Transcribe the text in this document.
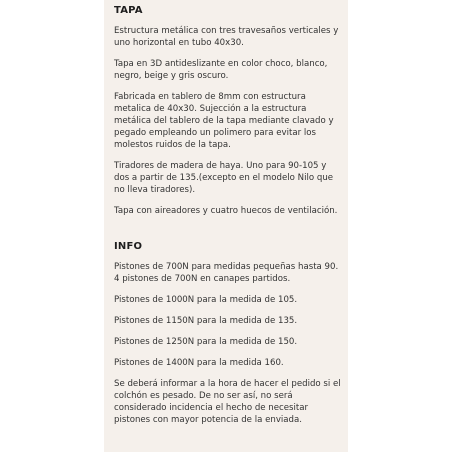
TAPA

Estructura metálica con tres travesaños verticales y uno horizontal en tubo 40x30.

Tapa en 3D antideslizante en color choco, blanco, negro, beige y gris oscuro.

Fabricada en tablero de 8mm con estructura metalica de 40x30. Sujección a la estructura metálica del tablero de la tapa mediante clavado y pegado empleando un polimero para evitar los molestos ruidos de la tapa.

Tiradores de madera de haya. Uno para 90-105 y dos a partir de 135.(excepto en el modelo Nilo que no lleva tiradores).

Tapa con aireadores y cuatro huecos de ventilación.

INFO

Pistones de 700N para medidas pequeñas hasta 90. 4 pistones de 700N en canapes partidos.

Pistones de 1000N para la medida de 105.

Pistones de 1150N para la medida de 135.

Pistones de 1250N para la medida de 150.

Pistones de 1400N para la medida 160.

Se deberá informar a la hora de hacer el pedido si el colchón es pesado. De no ser así, no será considerado incidencia el hecho de necesitar pistones con mayor potencia de la enviada.
